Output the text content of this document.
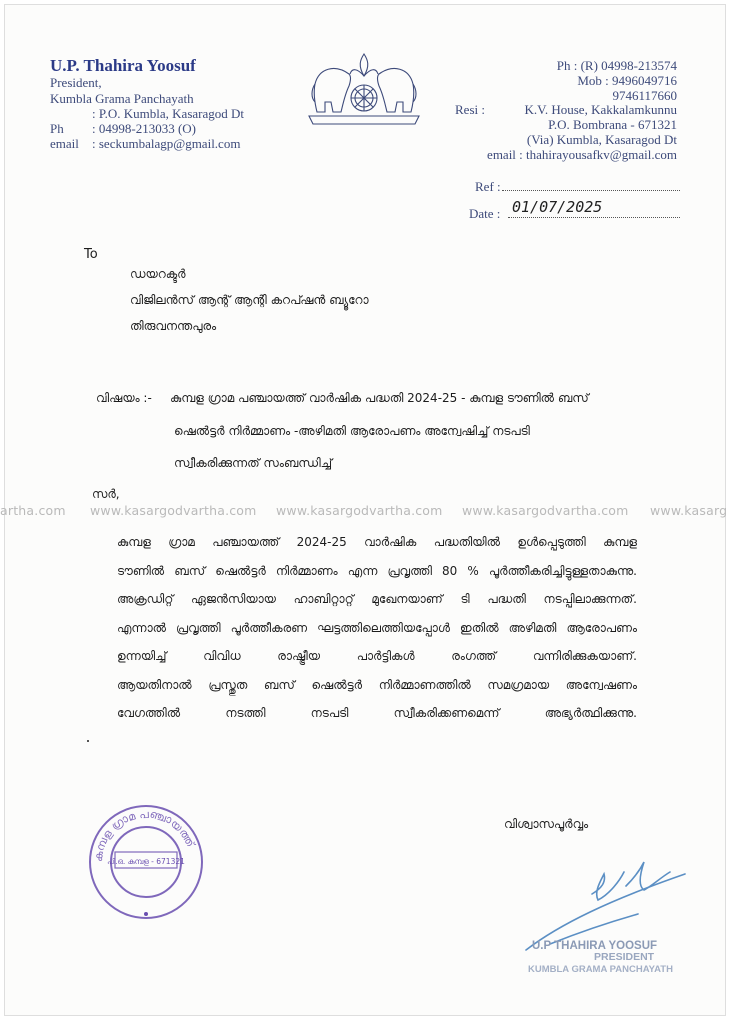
U.P. Thahira Yoosuf
President,
Kumbla Grama Panchayath
: P.O. Kumbla, Kasaragod Dt
Ph : 04998-213033 (O)
email : seckumbalagp@gmail.com
Ph : (R) 04998-213574
Mob : 9496049716
9746117660
Resi :	K.V. House, Kakkalamkunnu
P.O. Bombrana - 671321
(Via) Kumbla, Kasaragod Dt
email : thahirayousafkv@gmail.com
Ref :
Date : 01/07/2025
To
ഡയറക്ടർ
വിജിലൻസ് ആന്റ് ആന്റി കറപ്ഷൻ ബ്യൂറോ
തിരുവനന്തപുരം
വിഷയം :- കുമ്പള ഗ്രാമ പഞ്ചായത്ത് വാർഷിക പദ്ധതി 2024-25 - കുമ്പള ടൗണിൽ ബസ്
ഷെൽട്ടർ നിർമ്മാണം -അഴിമതി ആരോപണം അന്വേഷിച്ച് നടപടി
സ്വീകരിക്കുന്നത് സംബന്ധിച്ച്
സർ,
artha.com www.kasargodvartha.com www.kasargodvartha.com www.kasargodvartha.com www.kasarg
കുമ്പള ഗ്രാമ പഞ്ചായത്ത് 2024-25 വാർഷിക പദ്ധതിയിൽ ഉൾപ്പെടുത്തി കുമ്പള
ടൗണിൽ ബസ് ഷെൽട്ടർ നിർമ്മാണം എന്ന പ്രവൃത്തി 80 % പൂർത്തീകരിച്ചിട്ടുള്ളതാകുന്നു.
അക്രഡിറ്റ് ഏജൻസിയായ ഹാബിറ്റാറ്റ് മുഖേനയാണ് ടി പദ്ധതി നടപ്പിലാക്കുന്നത്.
എന്നാൽ പ്രവൃത്തി പൂർത്തീകരണ ഘട്ടത്തിലെത്തിയപ്പോൾ ഇതിൽ അഴിമതി ആരോപണം
ഉന്നയിച്ച് വിവിധ രാഷ്ട്രീയ പാർട്ടികൾ രംഗത്ത് വന്നിരിക്കുകയാണ്.
ആയതിനാൽ പ്രസ്തുത ബസ് ഷെൽട്ടർ നിർമ്മാണത്തിൽ സമഗ്രമായ അന്വേഷണം
വേഗത്തിൽ നടത്തി നടപടി സ്വീകരിക്കണമെന്ന് അഭ്യർത്ഥിക്കുന്നു.
വിശ്വാസപൂർവ്വം
കുമ്പള ഗ്രാമ പഞ്ചായത്ത്
പി.ഒ. കുമ്പള - 671321
U.P THAHIRA YOOSUF
PRESIDENT
KUMBLA GRAMA PANCHAYATH
